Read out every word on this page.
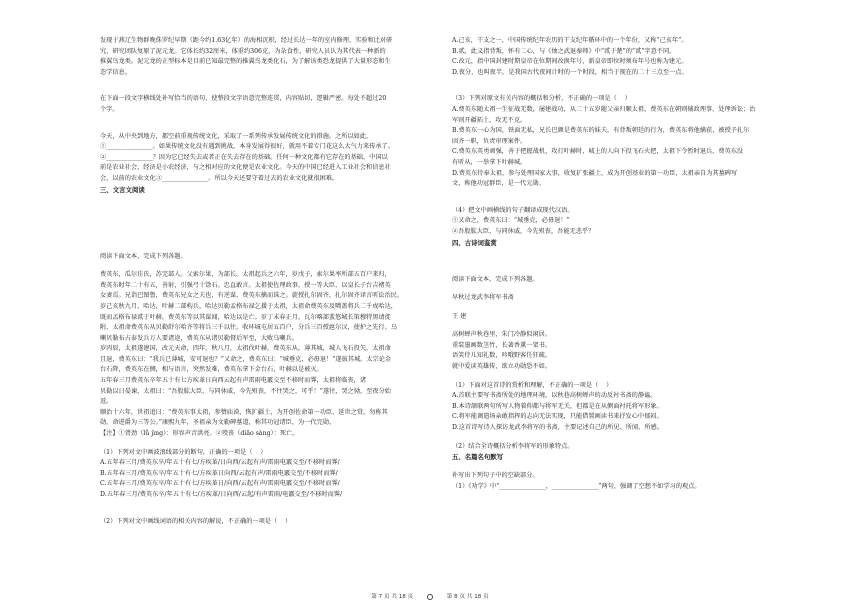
发现于燕辽生物群晚侏罗纪早期（距今约1.63亿年）的海相沉积，经过长达一年的室内修理、实验和比对研

究，研究团队复原了泥元龙。它体长约32厘米，体重约306克，为杂食性，研究人员认为其代表一种新的

推翼鸟龙类。泥元龙的正型标本是目前已知最完整的推翼鸟龙类化石，为了解该类恐龙提供了大量形态和生

态学信息。

在下面一段文字横线处补写恰当的语句，使整段文字语意完整连贯，内容贴切，逻辑严密。每处不超过20

个字。

今天，从中央到地方，都空前重视传统文化，采取了一系列传承发展传统文化的措施。之所以如此，

①_______________。如果传统文化没有遇到挑战，本身发展得很好，就用不着专门花这么大气力来传承了。

②_______________？因为它已经失去或者正在失去存在的基础。任何一种文化都有它存在的基础，中国以

前是农业社会，经济是小农经济，与之相对应的文化便是农业文化。今天的中国已经进入工业社会和信息社

会，以前的农业文化③_______________。所以今天还要守着过去的农业文化就很困难。

三、文言文阅读

阅读下面文本，完成下列各题。

费英东，瓜尔佳氏，苏完部人。父索尔果，为部长。太祖起兵之六年，岁戊子，索尔果率所部五百户来归，

费英东时年二十有五，善射，引强弓十馀石。忠直敢言。太祖使佐理政事，授一等大臣，以皇长子台吉褚英

女妻焉。兄诣巴图鲁，费英东兄女之夫也，有逆谋，费英东擒而诛之。旋授扎尔固齐，扎尔固齐译言听讼治民。

岁己亥秋九月，哈达，叶赫二部构兵，哈达贝勒孟格布禄乞援于太祖，太祖命费英东及噶盖将兵二千戍哈达，

既而孟格布禄贰于叶赫，费英东等以其谋闻，哈达以是亡。岁丁未春正月，瓦尔喀部蜚悠城长策穆特黑请徙

附，太祖命费英东从贝勒舒尔哈齐等将兵三千以往。收环城屯居五百户，分兵三百授扈尔汉，使护之先行。乌

喇贝勒布占泰发兵万人要诸途，费英东从诸贝勒督后军至，大败乌喇兵。

岁丙辰，太祖遂建国，改元天命，四年，秋八月，太祖伐叶赫，费英东从，薄其城，城人飞石投矢，太祖命

且退，费英东曰：“我兵已薄城，安可退也？”又命之，费英东曰：“城垂克，必毋退！”遂拔其城。太宗论金

台石降，费英东在侧，相与语言，突然发难，费英东拿下金台石，叶赫以是被灭。

五年春三月费英东卒年五十有七方疾革日向西云起有声雷雨电霰交至不移时而霁，太祖将临丧，诸

贝勒以日晏谏，太祖曰：“吾股肱大臣，与同休戚，今先殂丧，不往哭之，可乎！”遂往，哭之恸，至夜分始

返。

顺治十六年，世祖追曰：“费英东事太祖，参赞庙谟，恢扩疆土，为开创佐命第一功臣，延世之赏，勿称其

勋，命进爵为三等公。”康熙九年，圣祖亲为文勒碑墓道，称其功冠诸臣，为一代完勋。

【注】①膂劲（lǚ jìng）：形容声音洪亮。②殁丧（diāo sàng）：死亡。

（1）下列对文中画波浪线部分的断句，正确的一项是（    ）

A.五年春三月/费英东卒/年五十有七/方疾革/日向西/云起有声/雷雨电霰交至/不移时而霁/

B.五年春三月/费英东卒/年五十有七/方疾革日向西/云起有声/雷雨电霰交至/不移时而霁/

C.五年春三月/费英东卒/年五十有七/方疾革日/向西/云起有声/雷雨电霰交至/不移时而霁/

D.五年春三月/费英东卒/年五十有七/方疾革/日向西/云起/有声雷雨/电霰交至/不移时而霁/

（2）下列对文中画线词语的相关内容的解说，不正确的一项是（    ）

A.己亥，干支之一，中国传统纪年农历的干支纪年循环中的一个年份，又称“己亥年”。

B.贰，此义指背叛，怀有二心，与《烛之武退秦师》中“贰于楚”的“贰”字意不同。

C.改元，指中国封建时期皇帝在位期间改换年号，新皇帝即位时须布年号也称为建元。

D.夜分，也叫夜半，是我国古代夜间计时的一个时段，相当于现在的二十三点至一点。

（3）下列对原文有关内容的概括和分析，不正确的一项是（    ）

A.费英东随太祖一生征战无数，屡建战功，从二十五岁随父亲归顺太祖，费英东在朝则辅政理事，处理诉讼；治

军则开疆拓土，攻无不克。

B.费英东一心为国，铁面无私，兄长巴颜是费英东的妹夫，有背叛朝廷的行为，费英东将他擒获，被授予扎尔

固齐一职，负责审理案件。

C.费英东英勇顽强，善于把握战机，攻打叶赫时，城上的人向下投飞石火把，太祖下令暂时退兵，费英东没

有听从，一举拿下叶赫城。

D.费英东侍奉太祖，参与处理国家大事，收复扩张疆土，成为开创基业的第一功臣，太祖亲自为其墓碑写

文，称他功冠群臣，是一代元勋。

（4）把文中画横线的句子翻译成现代汉语。

①又命之，费英东曰：“城垂克，必毋退！”

②吾股肱大臣，与同休戚，今先殂丧，吾能无悲乎？

四、古诗词鉴赏

阅读下面文本，完成下列各题。

早秋过龙武李将军书斋

王 建

高树蝉声秋巷里，朱门冷静似闲居。

重装墨画数茎竹，长著香薰一架书。

语笑侍儿知礼数，吟哦野客任狂疏。

就中爱读英雄传，欲立功勋恐不如。

（1）下面对这首诗的赏析和理解，不正确的一项是（    ）

A.首联主要写书斋所处的地理环境，以秋巷高树蝉声的动反衬书斋的静谧。

B.本诗颔联两句所写人物着仰都与将军无关，但都是在从侧面衬托将军形象。

C.将军能调遣场亲敢指挥的志向无法实现，只能借置画读书来抒发心中郁闷。

D.这首诗写诗人探访龙武李将军的书斋，主要记述自己的所见、所闻、所感。

（2）结合全诗概括分析李将军的形象特点。

五、名篇名句默写

补写出下列句子中的空缺部分。

（1）《劝学》中“_______________，_______________”两句，强调了空想不如学习的观点。

第 7 页 共 18 页	第 8 页 共 18 页
